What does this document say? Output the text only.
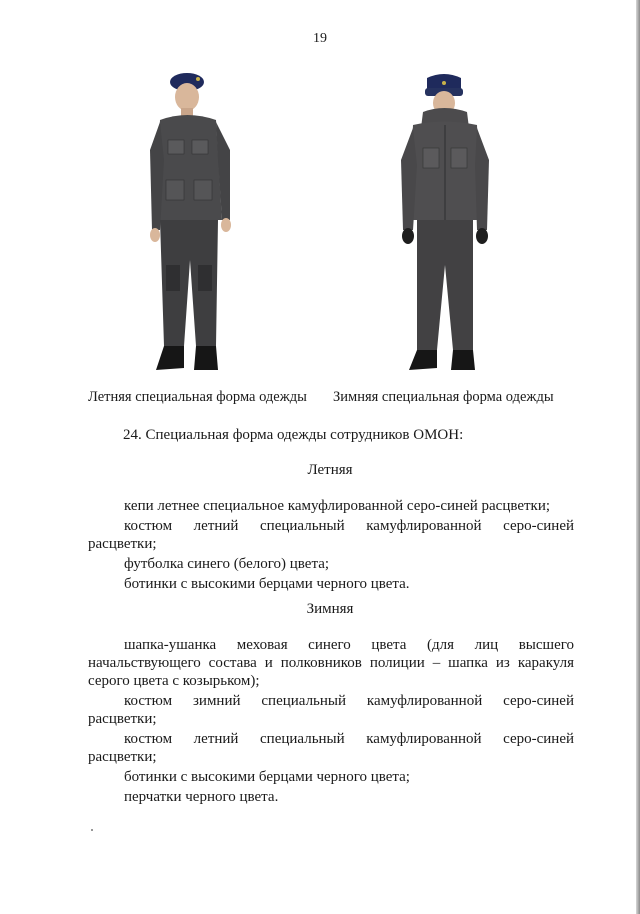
19
Летняя специальная форма одежды Зимняя специальная форма одежды
24. Специальная форма одежды сотрудников ОМОН:
Летняя
кепи летнее специальное камуфлированной серо-синей расцветки;
костюм летний специальный камуфлированной серо-синей расцветки;
футболка синего (белого) цвета;
ботинки с высокими берцами черного цвета.
Зимняя
шапка-ушанка меховая синего цвета (для лиц высшего начальствующего состава и полковников полиции – шапка из каракуля серого цвета с козырьком);
костюм зимний специальный камуфлированной серо-синей расцветки;
костюм летний специальный камуфлированной серо-синей расцветки;
ботинки с высокими берцами черного цвета;
перчатки черного цвета.
